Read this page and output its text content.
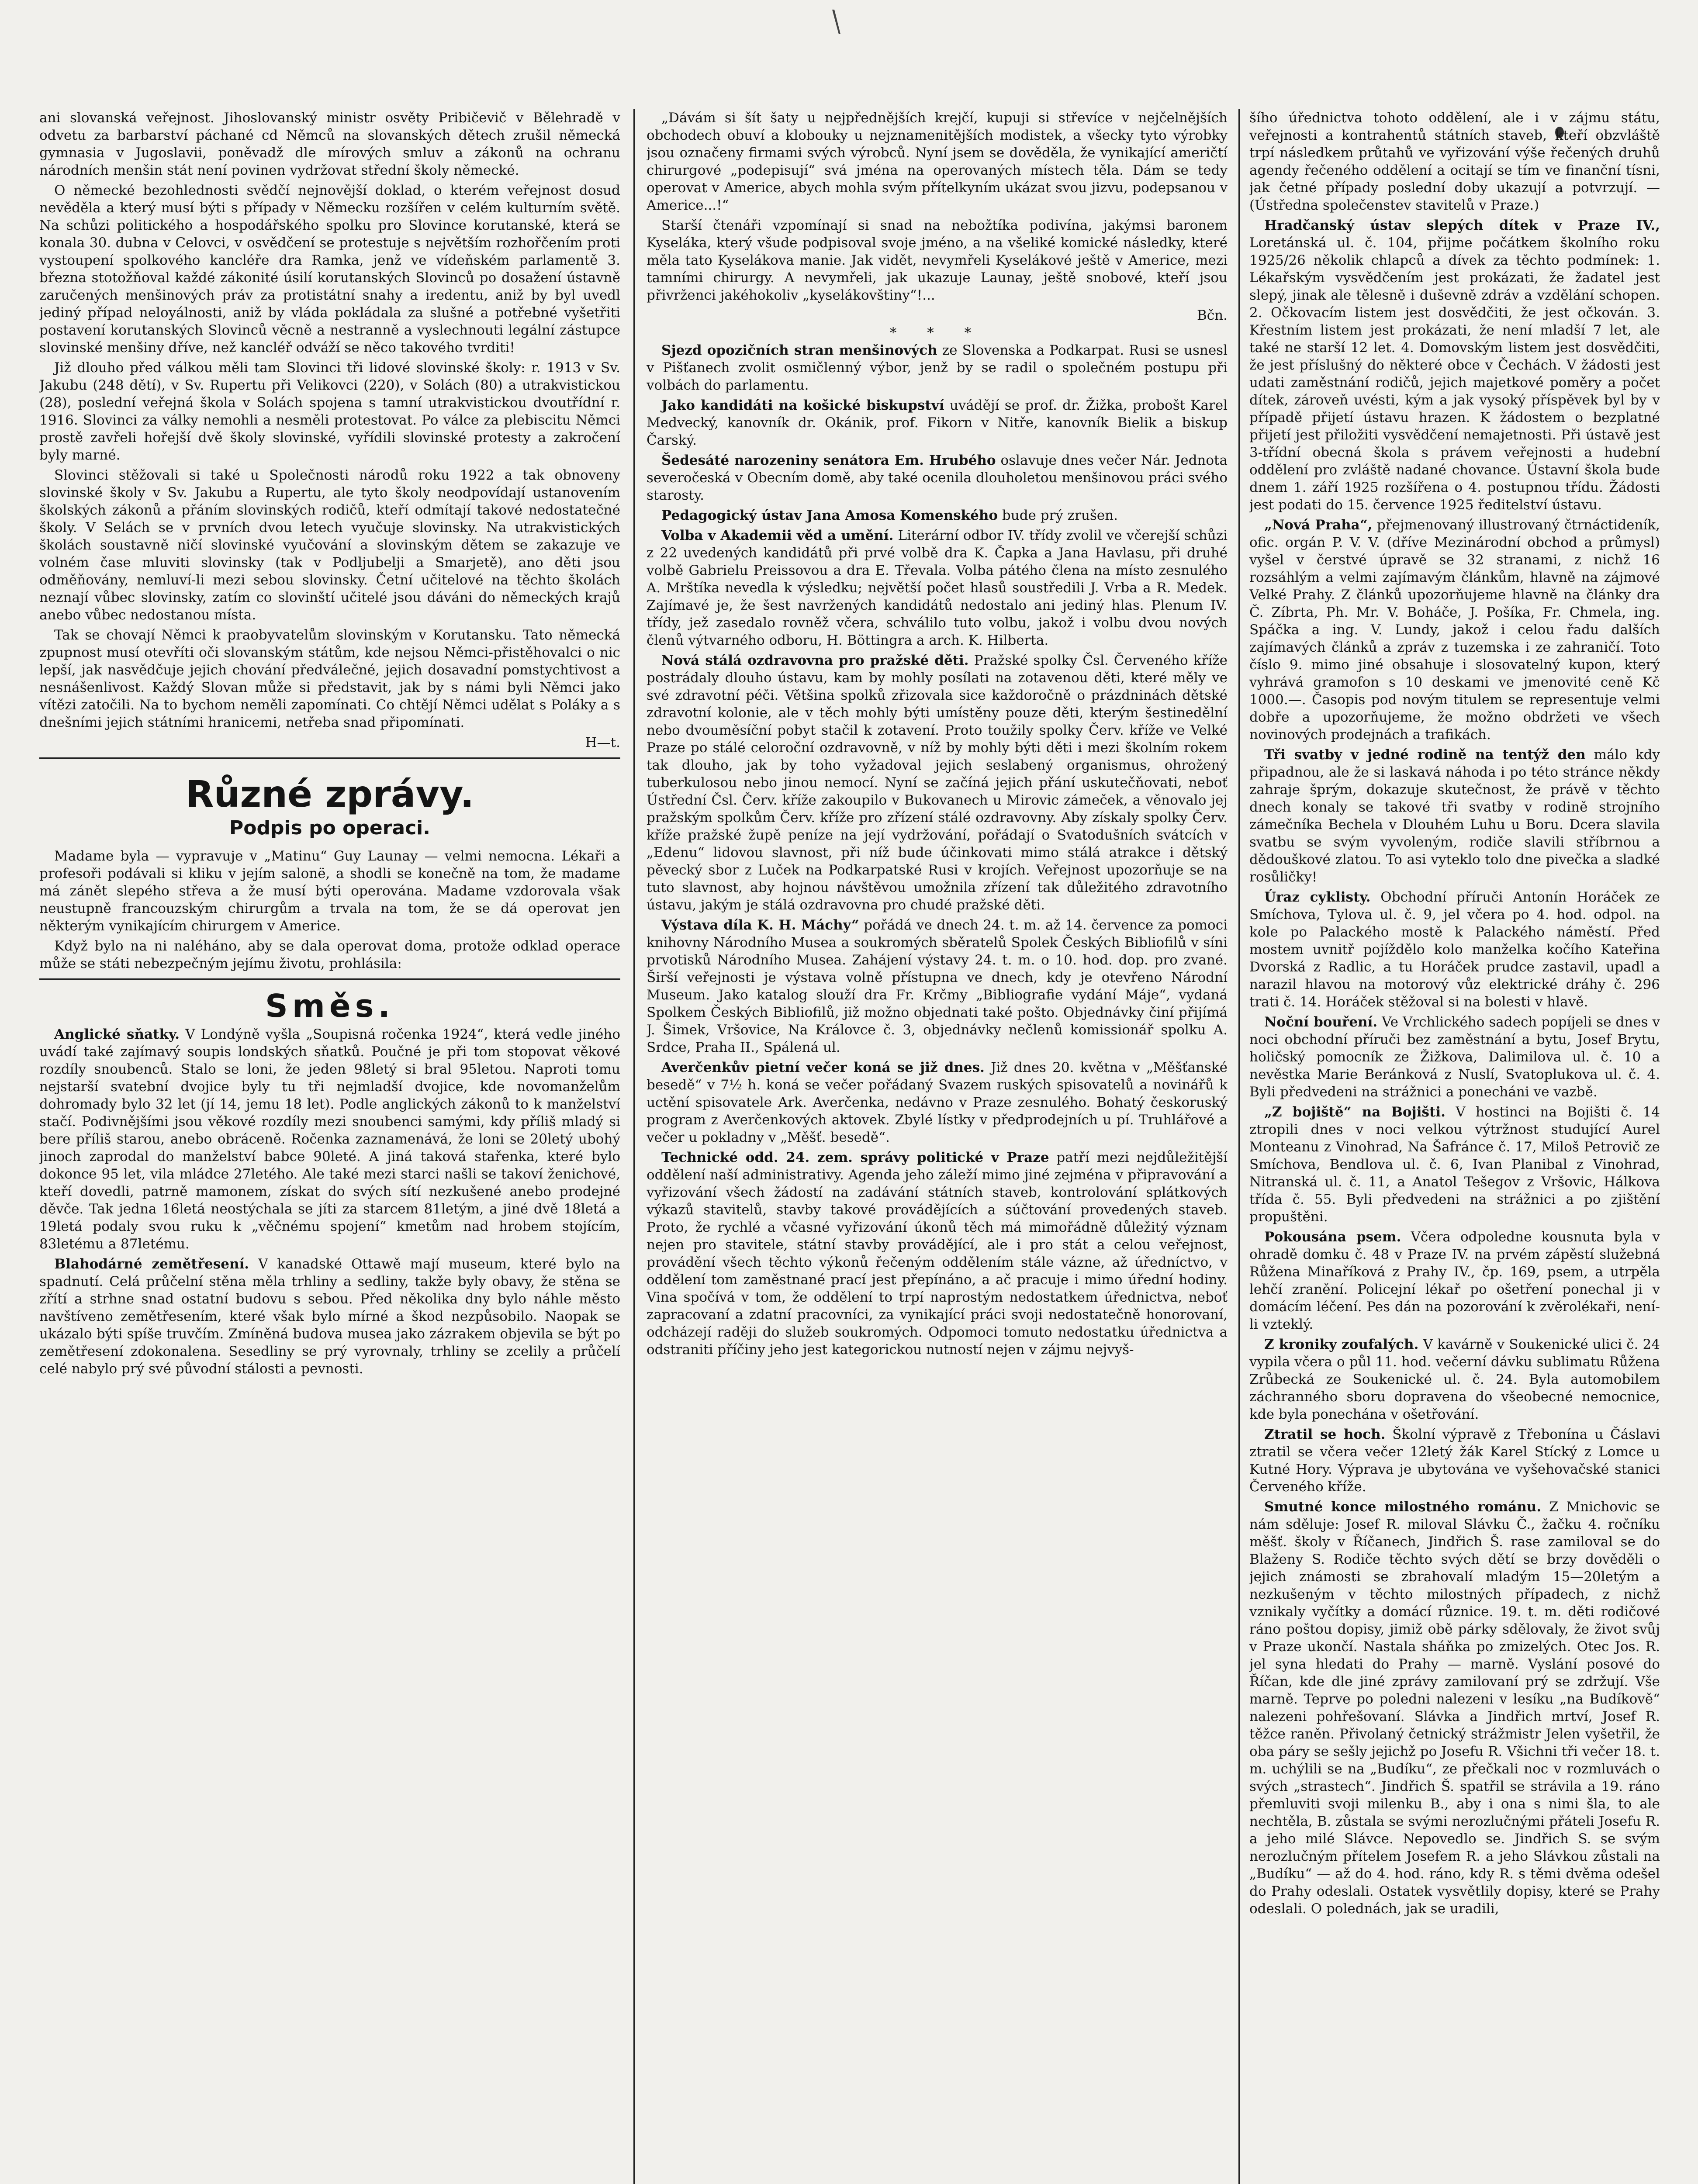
ani slovanská veřejnost. Jihoslovanský ministr osvěty Pribičevič v Bělehradě v odvetu za barbarství páchané cd Němců na slovanských dětech zrušil německá gymnasia v Jugoslavii, poněvadž dle mírových smluv a zákonů na ochranu národních menšin stát není povinen vydržovat střední školy německé.

O německé bezohlednosti svědčí nejnovější doklad, o kterém veřejnost dosud nevěděla a který musí býti s případy v Německu rozšířen v celém kulturním světě. Na schůzi politického a hospodářského spolku pro Slovince korutanské, která se konala 30. dubna v Celovci, v osvědčení se protestuje s největším rozhořčením proti vystoupení spolkového kancléře dra Ramka, jenž ve vídeňském parlamentě 3. března stotožňoval každé zákonité úsilí korutanských Slovinců po dosažení ústavně zaručených menšinových práv za protistátní snahy a iredentu, aniž by byl uvedl jediný případ neloyálnosti, aniž by vláda pokládala za slušné a potřebné vyšetřiti postavení korutanských Slovinců věcně a nestranně a vyslechnouti legální zástupce slovinské menšiny dříve, než kancléř odváží se něco takového tvrditi!

Již dlouho před válkou měli tam Slovinci tři lidové slovinské školy: r. 1913 v Sv. Jakubu (248 dětí), v Sv. Rupertu při Velikovci (220), v Solách (80) a utrakvistickou (28), poslední veřejná škola v Solách spojena s tamní utrakvistickou dvoutřídní r. 1916. Slovinci za války nemohli a nesměli protestovat. Po válce za plebiscitu Němci prostě zavřeli hořejší dvě školy slovinské, vyřídili slovinské protesty a zakročení byly marné.

Slovinci stěžovali si také u Společnosti národů roku 1922 a tak obnoveny slovinské školy v Sv. Jakubu a Rupertu, ale tyto školy neodpovídají ustanovením školských zákonů a přáním slovinských rodičů, kteří odmítají takové nedostatečné školy. V Selách se v prvních dvou letech vyučuje slovinsky. Na utrakvistických školách soustavně ničí slovinské vyučování a slovinským dětem se zakazuje ve volném čase mluviti slovinsky (tak v Podljubelji a Smarjetě), ano děti jsou odměňovány, nemluví-li mezi sebou slovinsky. Četní učitelové na těchto školách neznají vůbec slovinsky, zatím co slovinští učitelé jsou dáváni do německých krajů anebo vůbec nedostanou místa.

Tak se chovají Němci k praobyvatelům slovinským v Korutansku. Tato německá zpupnost musí otevříti oči slovanským státům, kde nejsou Němci-přistěhovalci o nic lepší, jak nasvědčuje jejich chování předválečné, jejich dosavadní pomstychtivost a nesnášenlivost. Každý Slovan může si představit, jak by s námi byli Němci jako vítězi zatočili. Na to bychom neměli zapomínati. Co chtějí Němci udělat s Poláky a s dnešními jejich státními hranicemi, netřeba snad připomínati.

H—t.
Různé zprávy.
Podpis po operaci.

Madame byla — vypravuje v „Matinu“ Guy Launay — velmi nemocna. Lékaři a profesoři podávali si kliku v jejím salonë, a shodli se konečně na tom, že madame má zánět slepého střeva a že musí býti operována. Madame vzdorovala však neustupně francouzským chirurgům a trvala na tom, že se dá operovat jen některým vynikajícím chirurgem v Americe.

Když bylo na ni naléháno, aby se dala operovat doma, protože odklad operace může se státi nebezpečným jejímu životu, prohlásila:

Směs.

Anglické sňatky. V Londýně vyšla „Soupisná ročenka 1924“, která vedle jiného uvádí také zajímavý soupis londských sňatků. Poučné je při tom stopovat věkové rozdíly snoubenců. Stalo se loni, že jeden 98letý si bral 95letou. Naproti tomu nejstarší svatební dvojice byly tu tři nejmladší dvojice, kde novomanželům dohromady bylo 32 let (jí 14, jemu 18 let). Podle anglických zákonů to k manželství stačí. Podivnějšími jsou věkové rozdíly mezi snoubenci samými, kdy příliš mladý si bere příliš starou, anebo obráceně. Ročenka zaznamenává, že loni se 20letý ubohý jinoch zaprodal do manželství babce 90leté. A jiná taková stařenka, které bylo dokonce 95 let, vila mládce 27letého. Ale také mezi starci našli se takoví ženichové, kteří dovedli, patrně mamonem, získat do svých sítí nezkušené anebo prodejné děvče. Tak jedna 16letá neostýchala se jíti za starcem 81letým, a jiné dvě 18letá a 19letá podaly svou ruku k „věčnému spojení“ kmetům nad hrobem stojícím, 83letému a 87letému.

Blahodárné zemětřesení. V kanadské Ottawě mají museum, které bylo na spadnutí. Celá průčelní stěna měla trhliny a sedliny, takže byly obavy, že stěna se zřítí a strhne snad ostatní budovu s sebou. Před několika dny bylo náhle město navštíveno zemětřesením, které však bylo mírné a škod nezpůsobilo. Naopak se ukázalo býti spíše truvčím. Zmíněná budova musea jako zázrakem objevila se být po zemětřesení zdokonalena. Sesedliny se prý vyrovnaly, trhliny se zcelily a průčelí celé nabylo prý své původní stálosti a pevnosti.

„Dávám si šít šaty u nejpřednějších krejčí, kupuji si střevíce v nejčelnějších obchodech obuví a klobouky u nejznamenitějších modistek, a všecky tyto výrobky jsou označeny firmami svých výrobců. Nyní jsem se dověděla, že vynikající američtí chirurgové „podepisují“ svá jména na operovaných místech těla. Dám se tedy operovat v Americe, abych mohla svým přítelkyním ukázat svou jizvu, podepsanou v Americe...!“

Starší čtenáři vzpomínají si snad na nebožtíka podivína, jakýmsi baronem Kyseláka, který všude podpisoval svoje jméno, a na všeliké komické následky, které měla tato Kyselákova manie. Jak vidět, nevymřeli Kyselákové ještě v Americe, mezi tamními chirurgy. A nevymřeli, jak ukazuje Launay, ještě snobové, kteří jsou přivrženci jakéhokoliv „kyselákovštiny“!...

Bčn.
* * *

Sjezd opozičních stran menšinových ze Slovenska a Podkarpat. Rusi se usnesl v Pišťanech zvolit osmičlenný výbor, jenž by se radil o společném postupu při volbách do parlamentu.

Jako kandidáti na košické biskupství uvádějí se prof. dr. Žižka, probošt Karel Medvecký, kanovník dr. Okánik, prof. Fikorn v Nitře, kanovník Bielik a biskup Čarský.

Šedesáté narozeniny senátora Em. Hrubého oslavuje dnes večer Nár. Jednota severočeská v Obecním domě, aby také ocenila dlouholetou menšinovou práci svého starosty.

Pedagogický ústav Jana Amosa Komenského bude prý zrušen.

Volba v Akademii věd a umění. Literární odbor IV. třídy zvolil ve včerejší schůzi z 22 uvedených kandidátů při prvé volbě dra K. Čapka a Jana Havlasu, při druhé volbě Gabrielu Preissovou a dra E. Třevala. Volba pátého člena na místo zesnulého A. Mrštíka nevedla k výsledku; největší počet hlasů soustředili J. Vrba a R. Medek. Zajímavé je, že šest navržených kandidátů nedostalo ani jediný hlas. Plenum IV. třídy, jež zasedalo rovněž včera, schválilo tuto volbu, jakož i volbu dvou nových členů výtvarného odboru, H. Böttingra a arch. K. Hilberta.

Nová stálá ozdravovna pro pražské děti. Pražské spolky Čsl. Červeného kříže postrádaly dlouho ústavu, kam by mohly posílati na zotavenou děti, které měly ve své zdravotní péči. Většina spolků zřizovala sice každoročně o prázdninách dětské zdravotní kolonie, ale v těch mohly býti umístěny pouze děti, kterým šestinedělní nebo dvouměsíční pobyt stačil k zotavení. Proto toužily spolky Červ. kříže ve Velké Praze po stálé celoroční ozdravovně, v níž by mohly býti děti i mezi školním rokem tak dlouho, jak by toho vyžadoval jejich seslabený organismus, ohrožený tuberkulosou nebo jinou nemocí. Nyní se začíná jejich přání uskutečňovati, neboť Ústřední Čsl. Červ. kříže zakoupilo v Bukovanech u Mirovic zámeček, a věnovalo jej pražským spolkům Červ. kříže pro zřízení stálé ozdravovny. Aby získaly spolky Červ. kříže pražské župě peníze na její vydržování, pořádají o Svatodušních svátcích v „Edenu“ lidovou slavnost, při níž bude účinkovati mimo stálá atrakce i dětský pěvecký sbor z Luček na Podkarpatské Rusi v krojích. Veřejnost upozorňuje se na tuto slavnost, aby hojnou návštěvou umožnila zřízení tak důležitého zdravotního ústavu, jakým je stálá ozdravovna pro chudé pražské děti.

Výstava díla K. H. Máchy“ pořádá ve dnech 24. t. m. až 14. července za pomoci knihovny Národního Musea a soukromých sběratelů Spolek Českých Bibliofilů v síni prvotisků Národního Musea. Zahájení výstavy 24. t. m. o 10. hod. dop. pro zvané. Širší veřejnosti je výstava volně přístupna ve dnech, kdy je otevřeno Národní Museum. Jako katalog slouží dra Fr. Krčmy „Bibliografie vydání Máje“, vydaná Spolkem Českých Bibliofilů, již možno objednati také pošto. Objednávky činí přijímá J. Šimek, Vršovice, Na Královce č. 3, objednávky nečlenů komissionář spolku A. Srdce, Praha II., Spálená ul.

Averčenkův pietní večer koná se již dnes. Již dnes 20. května v „Měšťanské besedě“ v 7½ h. koná se večer pořádaný Svazem ruských spisovatelů a novinářů k uctění spisovatele Ark. Averčenka, nedávno v Praze zesnulého. Bohatý českoruský program z Averčenkových aktovek. Zbylé lístky v předprodejních u pí. Truhlářové a večer u pokladny v „Měšť. besedě“.

Technické odd. 24. zem. správy politické v Praze patří mezi nejdůležitější oddělení naší administrativy. Agenda jeho záleží mimo jiné zejména v připravování a vyřizování všech žádostí na zadávání státních staveb, kontrolování splátkových výkazů stavitelů, stavby takové provádějících a súčtování provedených staveb. Proto, že rychlé a včasné vyřizování úkonů těch má mimořádně důležitý význam nejen pro stavitele, státní stavby provádějící, ale i pro stát a celou veřejnost, provádění všech těchto výkonů řečeným oddělením stále vázne, až úředníctvo, v oddělení tom zaměstnané prací jest přepínáno, a ač pracuje i mimo úřední hodiny. Vina spočívá v tom, že oddělení to trpí naprostým nedostatkem úřednictva, neboť zapracovaní a zdatní pracovníci, za vynikající práci svoji nedostatečně honorovaní, odcházejí raději do služeb soukromých. Odpomoci tomuto nedostatku úřednictva a odstraniti příčiny jeho jest kategorickou nutností nejen v zájmu nejvyš-

šího úřednictva tohoto oddělení, ale i v zájmu státu, veřejnosti a kontrahentů státních staveb, kteří obzvláště trpí následkem průtahů ve vyřizování výše řečených druhů agendy řečeného oddělení a ocitají se tím ve finanční tísni, jak četné případy poslední doby ukazují a potvrzují. — (Ústředna společenstev stavitelů v Praze.)

Hradčanský ústav slepých dítek v Praze IV., Loretánská ul. č. 104, přijme počátkem školního roku 1925/26 několik chlapců a dívek za těchto podmínek: 1. Lékařským vysvědčením jest prokázati, že žadatel jest slepý, jinak ale tělesně i duševně zdráv a vzdělání schopen. 2. Očkovacím listem jest dosvědčiti, že jest očkován. 3. Křestním listem jest prokázati, že není mladší 7 let, ale také ne starší 12 let. 4. Domovským listem jest dosvědčiti, že jest příslušný do některé obce v Čechách. V žádosti jest udati zaměstnání rodičů, jejich majetkové poměry a počet dítek, zároveň uvésti, kým a jak vysoký příspěvek byl by v případě přijetí ústavu hrazen. K žádostem o bezplatné přijetí jest přiložiti vysvědčení nemajetnosti. Při ústavě jest 3-třídní obecná škola s právem veřejnosti a hudební oddělení pro zvláště nadané chovance. Ústavní škola bude dnem 1. září 1925 rozšířena o 4. postupnou třídu. Žádosti jest podati do 15. července 1925 ředitelství ústavu.

„Nová Praha“, přejmenovaný illustrovaný čtrnáctideník, ofic. orgán P. V. V. (dříve Mezinárodní obchod a průmysl) vyšel v čerstvé úpravě se 32 stranami, z nichž 16 rozsáhlým a velmi zajímavým článkům, hlavně na zájmové Velké Prahy. Z článků upozorňujeme hlavně na články dra Č. Zíbrta, Ph. Mr. V. Boháče, J. Pošíka, Fr. Chmela, ing. Spáčka a ing. V. Lundy, jakož i celou řadu dalších zajímavých článků a zpráv z tuzemska i ze zahraničí. Toto číslo 9. mimo jiné obsahuje i slosovatelný kupon, který vyhrává gramofon s 10 deskami ve jmenovité ceně Kč 1000.—. Časopis pod novým titulem se representuje velmi dobře a upozorňujeme, že možno obdržeti ve všech novinových prodejnách a trafikách.

Tři svatby v jedné rodině na tentýž den málo kdy připadnou, ale že si laskavá náhoda i po této stránce někdy zahraje šprým, dokazuje skutečnost, že právě v těchto dnech konaly se takové tři svatby v rodině strojního zámečníka Bechela v Dlouhém Luhu u Boru. Dcera slavila svatbu se svým vyvoleným, rodiče slavili stříbrnou a dědouškové zlatou. To asi vyteklo tolo dne pivečka a sladké rosůličky!

Úraz cyklisty. Obchodní příruči Antonín Horáček ze Smíchova, Tylova ul. č. 9, jel včera po 4. hod. odpol. na kole po Palackého mostě k Palackého náměstí. Před mostem uvnitř pojíždělo kolo manželka kočího Kateřina Dvorská z Radlic, a tu Horáček prudce zastavil, upadl a narazil hlavou na motorový vůz elektrické dráhy č. 296 trati č. 14. Horáček stěžoval si na bolesti v hlavě.

Noční bouření. Ve Vrchlického sadech popíjeli se dnes v noci obchodní příruči bez zaměstnání a bytu, Josef Brytu, holičský pomocník ze Žižkova, Dalimilova ul. č. 10 a nevěstka Marie Beránková z Nuslí, Svatoplukova ul. č. 4. Byli předvedeni na strážnici a ponecháni ve vazbě.

„Z bojiště“ na Bojišti. V hostinci na Bojišti č. 14 ztropili dnes v noci velkou výtržnost studující Aurel Monteanu z Vinohrad, Na Šafránce č. 17, Miloš Petrovič ze Smíchova, Bendlova ul. č. 6, Ivan Planibal z Vinohrad, Nitranská ul. č. 11, a Anatol Tešegov z Vršovic, Hálkova třída č. 55. Byli předvedeni na strážnici a po zjištění propuštěni.

Pokousána psem. Včera odpoledne kousnuta byla v ohradě domku č. 48 v Praze IV. na prvém zápěstí služebná Růžena Minaříková z Prahy IV., čp. 169, psem, a utrpěla lehčí zranění. Policejní lékař po ošetření ponechal ji v domácím léčení. Pes dán na pozorování k zvěrolékaři, není-li vzteklý.

Z kroniky zoufalých. V kavárně v Soukenické ulici č. 24 vypila včera o půl 11. hod. večerní dávku sublimatu Růžena Zrůbecká ze Soukenické ul. č. 24. Byla automobilem záchranného sboru dopravena do všeobecné nemocnice, kde byla ponechána v ošetřování.

Ztratil se hoch. Školní výpravě z Třebonína u Čáslavi ztratil se včera večer 12letý žák Karel Stícký z Lomce u Kutné Hory. Výprava je ubytována ve vyšehovačské stanici Červeného kříže.

Smutné konce milostného románu. Z Mnichovic se nám sděluje: Josef R. miloval Slávku Č., žačku 4. ročníku měšť. školy v Říčanech, Jindřich Š. rase zamiloval se do Blaženy S. Rodiče těchto svých dětí se brzy dověděli o jejich známosti se zbrahovalí mladým 15—20letým a nezkušeným v těchto milostných případech, z nichž vznikaly vyčítky a domácí různice. 19. t. m. děti rodičové ráno poštou dopisy, jimiž obě párky sdělovaly, že život svůj v Praze ukončí. Nastala sháňka po zmizelých. Otec Jos. R. jel syna hledati do Prahy — marně. Vyslání posové do Říčan, kde dle jiné zprávy zamilovaní prý se zdržují. Vše marně. Teprve po poledni nalezeni v lesíku „na Budíkově“ nalezeni pohřešovaní. Slávka a Jindřich mrtví, Josef R. těžce raněn. Přivolaný četnický strážmistr Jelen vyšetřil, že oba páry se sešly jejichž po Josefu R. Všichni tři večer 18. t. m. uchýlili se na „Budíku“, ze přečkali noc v rozmluvách o svých „strastech“. Jindřich Š. spatřil se strávila a 19. ráno přemluviti svoji milenku B., aby i ona s nimi šla, to ale nechtěla, B. zůstala se svými nerozlučnými přáteli Josefu R. a jeho milé Slávce. Nepovedlo se. Jindřich S. se svým nerozlučným přítelem Josefem R. a jeho Slávkou zůstali na „Budíku“ — až do 4. hod. ráno, kdy R. s těmi dvěma odešel do Prahy odeslali. Ostatek vysvětlily dopisy, které se Prahy odeslali. O polednách, jak se uradili,
